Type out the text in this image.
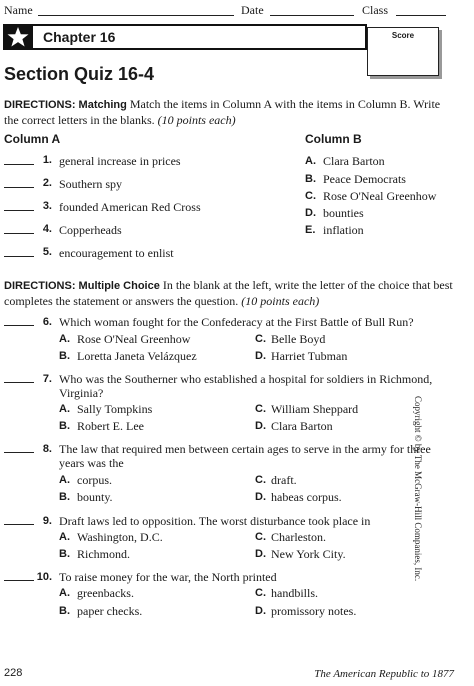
Name	Date	Class
Chapter 16	Score
Section Quiz 16-4
DIRECTIONS: Matching Match the items in Column A with the items in Column B. Write the correct letters in the blanks. (10 points each)
Column A	Column B
1. general increase in prices
2. Southern spy
3. founded American Red Cross
4. Copperheads
5. encouragement to enlist
A. Clara Barton
B. Peace Democrats
C. Rose O'Neal Greenhow
D. bounties
E. inflation
DIRECTIONS: Multiple Choice In the blank at the left, write the letter of the choice that best completes the statement or answers the question. (10 points each)
6. Which woman fought for the Confederacy at the First Battle of Bull Run?
A. Rose O'Neal Greenhow	C. Belle Boyd
B. Loretta Janeta Velázquez	D. Harriet Tubman
7. Who was the Southerner who established a hospital for soldiers in Richmond, Virginia?
A. Sally Tompkins	C. William Sheppard
B. Robert E. Lee	D. Clara Barton
8. The law that required men between certain ages to serve in the army for three years was the
A. corpus.	C. draft.
B. bounty.	D. habeas corpus.
9. Draft laws led to opposition. The worst disturbance took place in
A. Washington, D.C.	C. Charleston.
B. Richmond.	D. New York City.
10. To raise money for the war, the North printed
A. greenbacks.	C. handbills.
B. paper checks.	D. promissory notes.
Copyright © by The McGraw-Hill Companies, Inc.
228	The American Republic to 1877
